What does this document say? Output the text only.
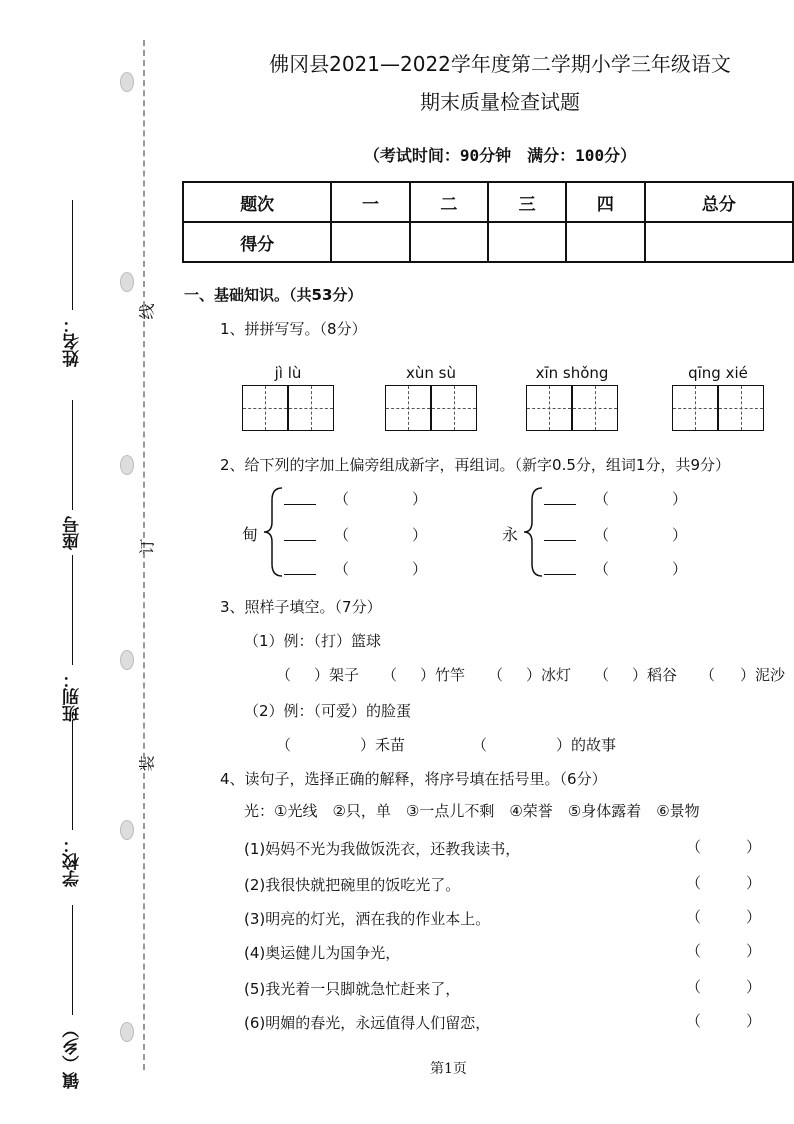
姓名：
座号
班别：
学校：
镇（乡）
线
订
装
佛冈县2021—2022学年度第二学期小学三年级语文
期末质量检查试题
（考试时间：90分钟　满分：100分）
题次	一	二	三	四	总分
得分					
一、基础知识。（共53分）
1、拼拼写写。（8分）
jì lù	xùn sù	xīn shǒng	qīng xié
2、给下列的字加上偏旁组成新字，再组词。（新字0.5分，组词1分，共9分）
甸
（	）
（	）
（	）
永
（	）
（	）
（	）
3、照样子填空。（7分）
（1）例：（打）篮球
（ ）架子 （ ）竹竿 （ ）冰灯 （ ）稻谷 （ ）泥沙
（2）例：（可爱）的脸蛋
（	）禾苗	（	）的故事
4、读句子，选择正确的解释，将序号填在括号里。（6分）
光：①光线　②只，单　③一点儿不剩　④荣誉　⑤身体露着　⑥景物
(1)妈妈不光为我做饭洗衣，还教我读书，	（　　　）
(2)我很快就把碗里的饭吃光了。	（　　　）
(3)明亮的灯光，洒在我的作业本上。	（　　　）
(4)奥运健儿为国争光，	（　　　）
(5)我光着一只脚就急忙赶来了，	（　　　）
(6)明媚的春光，永远值得人们留恋，	（　　　）
第1页
